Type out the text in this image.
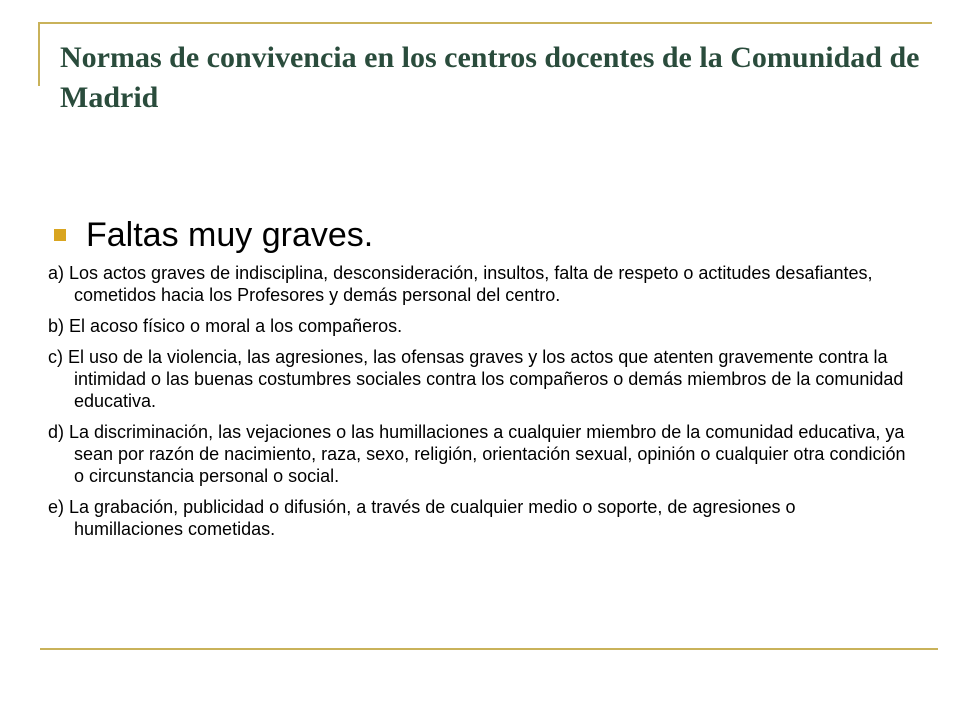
Normas de convivencia en los centros docentes de la Comunidad de Madrid
Faltas muy graves.
a) Los actos graves de indisciplina, desconsideración, insultos, falta de respeto o actitudes desafiantes, cometidos hacia los Profesores y demás personal del centro.
b) El acoso físico o moral a los compañeros.
c) El uso de la violencia, las agresiones, las ofensas graves y los actos que atenten gravemente contra la intimidad o las buenas costumbres sociales contra los compañeros o demás miembros de la comunidad educativa.
d) La discriminación, las vejaciones o las humillaciones a cualquier miembro de la comunidad educativa, ya sean por razón de nacimiento, raza, sexo, religión, orientación sexual, opinión o cualquier otra condición o circunstancia personal o social.
e) La grabación, publicidad o difusión, a través de cualquier medio o soporte, de agresiones o humillaciones cometidas.
